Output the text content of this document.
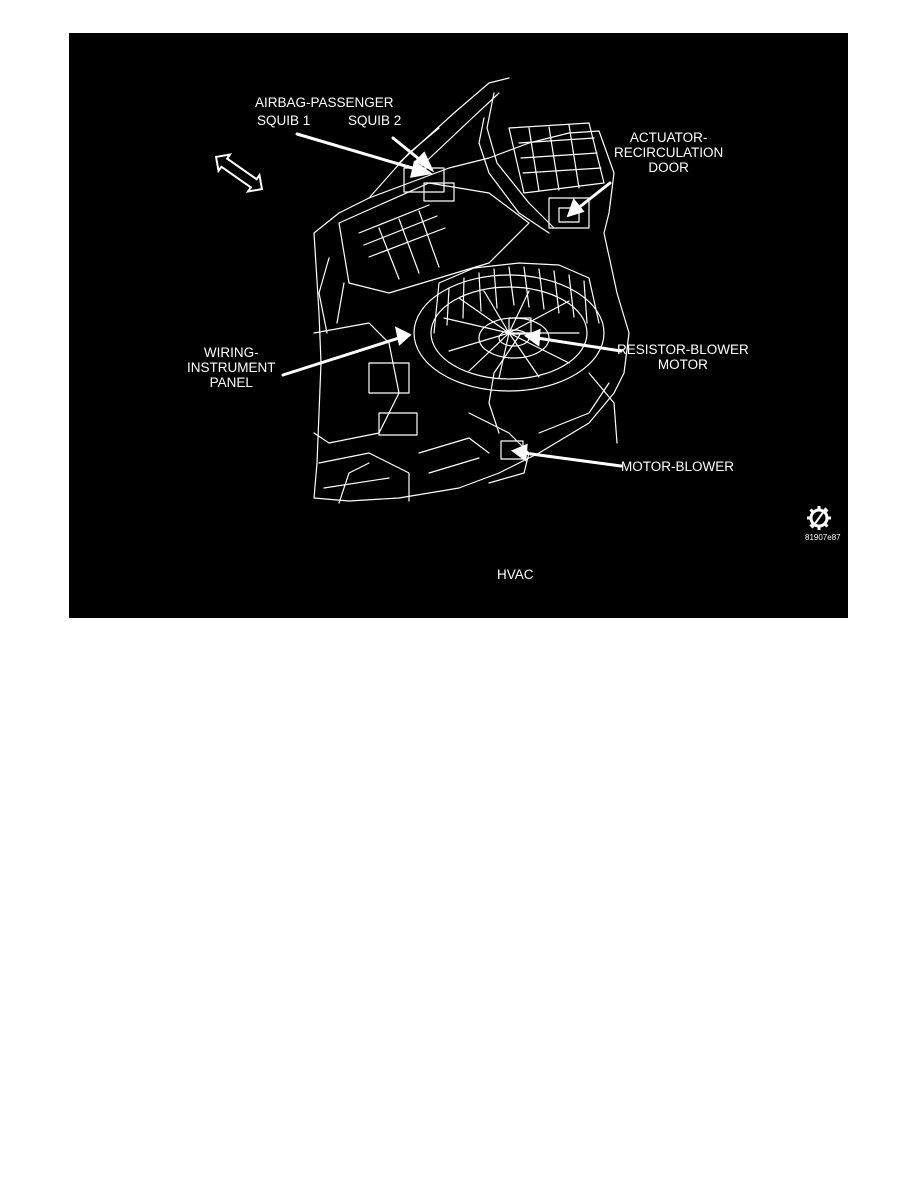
AIRBAG-PASSENGER
SQUIB 1	SQUIB 2
ACTUATOR-
RECIRCULATION
DOOR
WIRING-
INSTRUMENT
PANEL
RESISTOR-BLOWER
MOTOR
MOTOR-BLOWER
81907e87
HVAC
